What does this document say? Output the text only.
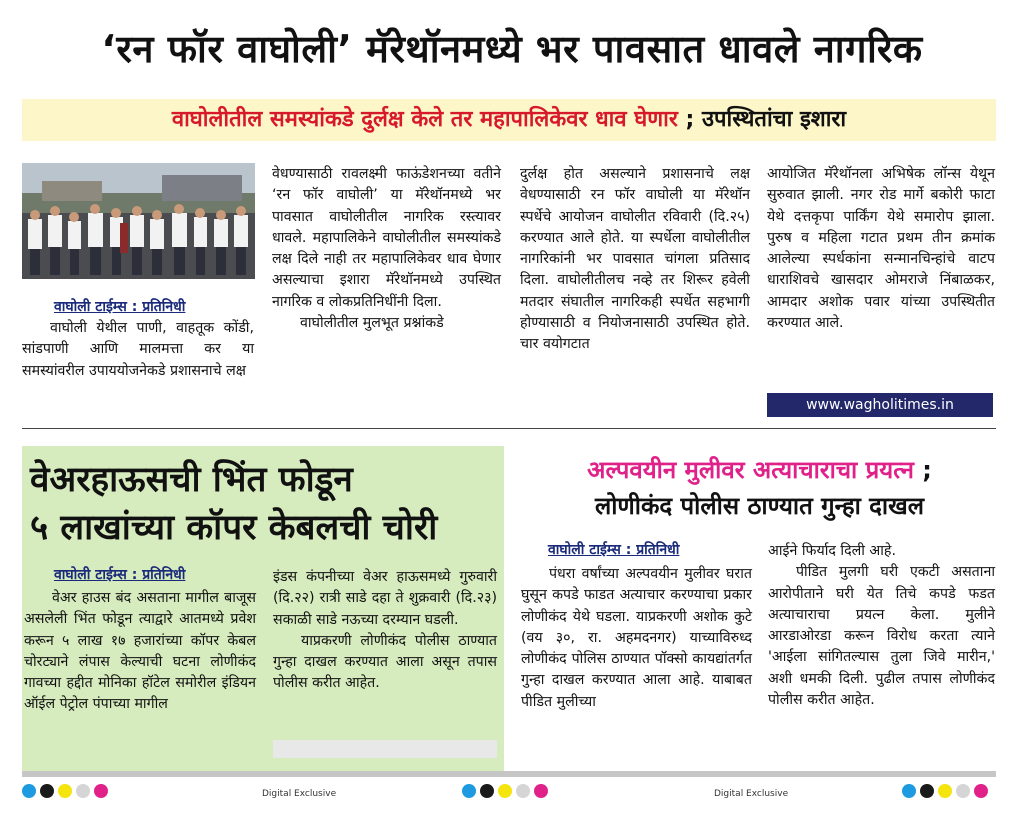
‘रन फॉर वाघोली’ मॅरेथॉनमध्ये भर पावसात धावले नागरिक
वाघोलीतील समस्यांकडे दुर्लक्ष केले तर महापालिकेवर धाव घेणार ; उपस्थितांचा इशारा
वाघोली टाईम्स : प्रतिनिधी
वाघोली येथील पाणी, वाहतूक कोंडी, सांडपाणी आणि मालमत्ता कर या समस्यांवरील उपाययोजनेकडे प्रशासनाचे लक्ष

वेधण्यासाठी रावलक्ष्मी फाऊंडेशनच्या वतीने ‘रन फॉर वाघोली’ या मॅरेथॉनमध्ये भर पावसात वाघोलीतील नागरिक रस्त्यावर धावले. महापालिकेने वाघोलीतील समस्यांकडे लक्ष दिले नाही तर महापालिकेवर धाव घेणार असल्याचा इशारा मॅरेथॉनमध्ये उपस्थित नागरिक व लोकप्रतिनिधींनी दिला.

वाघोलीतील मुलभूत प्रश्नांकडे

दुर्लक्ष होत असल्याने प्रशासनाचे लक्ष वेधण्यासाठी रन फॉर वाघोली या मॅरेथॉन स्पर्धेचे आयोजन वाघोलीत रविवारी (दि.२५) करण्यात आले होते. या स्पर्धेला वाघोलीतील नागरिकांनी भर पावसात चांगला प्रतिसाद दिला. वाघोलीतीलच नव्हे तर शिरूर हवेली मतदार संघातील नागरिकही स्पर्धेत सहभागी होण्यासाठी व नियोजनासाठी उपस्थित होते. चार वयोगटात
आयोजित मॅरेथॉनला अभिषेक लॉन्स येथून सुरुवात झाली. नगर रोड मार्गे बकोरी फाटा येथे दत्तकृपा पार्किंग येथे समारोप झाला. पुरुष व महिला गटात प्रथम तीन क्रमांक आलेल्या स्पर्धकांना सन्मानचिन्हांचे वाटप धाराशिवचे खासदार ओमराजे निंबाळकर, आमदार अशोक पवार यांच्या उपस्थितीत करण्यात आले.
www.wagholitimes.in
वेअरहाऊसची भिंत फोडून
५ लाखांच्या कॉपर केबलची चोरी
वाघोली टाईम्स : प्रतिनिधी
वेअर हाउस बंद असताना मागील बाजूस असलेली भिंत फोडून त्याद्वारे आतमध्ये प्रवेश करून ५ लाख १७ हजारांच्या कॉपर केबल चोरट्याने लंपास केल्याची घटना लोणीकंद गावच्या हद्दीत मोनिका हॉटेल समोरील इंडियन ऑईल पेट्रोल पंपाच्या मागील

इंडस कंपनीच्या वेअर हाऊसमध्ये गुरुवारी (दि.२२) रात्री साडे दहा ते शुक्रवारी (दि.२३) सकाळी साडे नऊच्या दरम्यान घडली.

याप्रकरणी लोणीकंद पोलीस ठाण्यात गुन्हा दाखल करण्यात आला असून तपास पोलीस करीत आहेत.

अल्पवयीन मुलीवर अत्याचाराचा प्रयत्न ;
लोणीकंद पोलीस ठाण्यात गुन्हा दाखल
वाघोली टाईम्स : प्रतिनिधी
पंधरा वर्षांच्या अल्पवयीन मुलीवर घरात घुसून कपडे फाडत अत्याचार करण्याचा प्रकार लोणीकंद येथे घडला. याप्रकरणी अशोक कुटे (वय ३०, रा. अहमदनगर) याच्याविरुध्द लोणीकंद पोलिस ठाण्यात पॉक्सो कायद्यांतर्गत गुन्हा दाखल करण्यात आला आहे. याबाबत पीडित मुलीच्या

आईने फिर्याद दिली आहे.

पीडित मुलगी घरी एकटी असताना आरोपीताने घरी येत तिचे कपडे फडत अत्याचाराचा प्रयत्न केला. मुलीने आरडाओरडा करून विरोध करता त्याने 'आईला सांगितल्यास तुला जिवे मारीन,' अशी धमकी दिली. पुढील तपास लोणीकंद पोलीस करीत आहेत.

Digital Exclusive	Digital Exclusive
